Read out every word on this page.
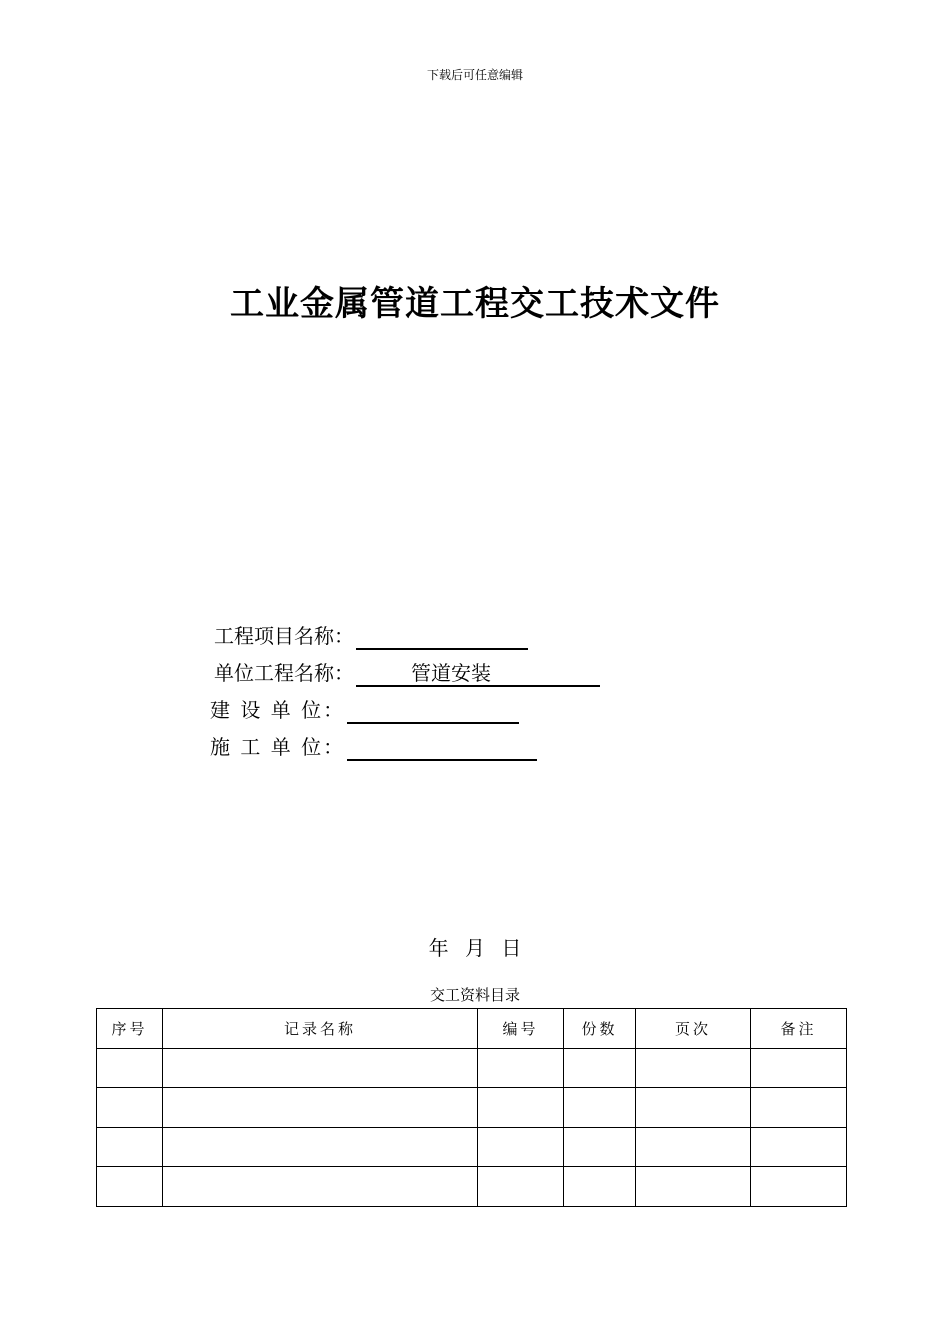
下载后可任意编辑
工业金属管道工程交工技术文件
工程项目名称：
单位工程名称：	管道安装
建 设 单 位：
施 工 单 位：
年 月 日
交工资料目录
序号	记录名称	编号	份数	页次	备注
